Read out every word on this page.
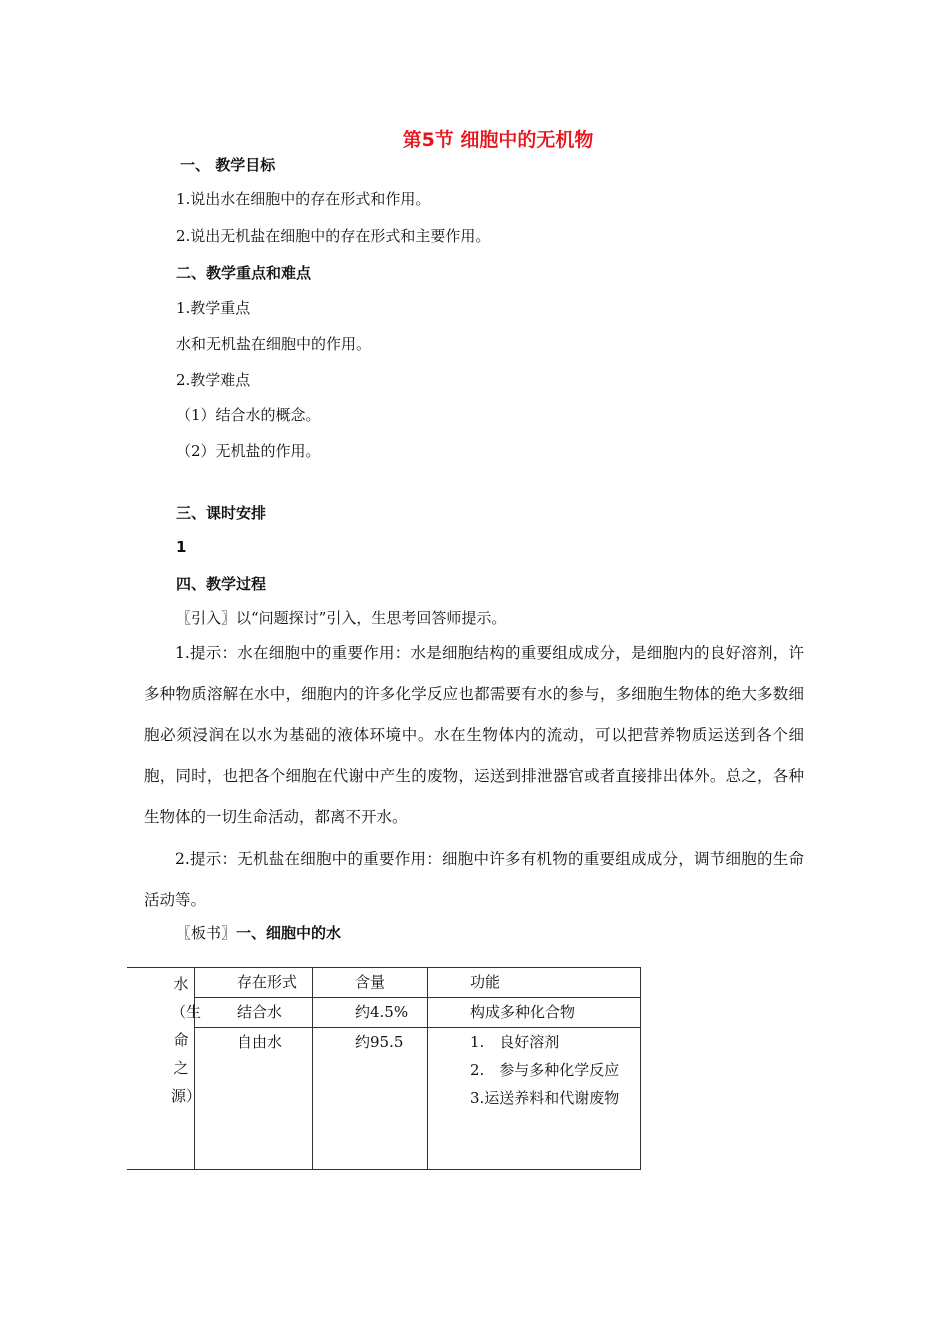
第5节 细胞中的无机物
一、 教学目标
1.说出水在细胞中的存在形式和作用。
2.说出无机盐在细胞中的存在形式和主要作用。
二、教学重点和难点
1.教学重点
水和无机盐在细胞中的作用。
2.教学难点
（1）结合水的概念。
（2）无机盐的作用。
三、课时安排
1
四、教学过程
〖引入〗以“问题探讨”引入，生思考回答师提示。
1.提示：水在细胞中的重要作用：水是细胞结构的重要组成成分，是细胞内的良好溶剂，许多种物质溶解在水中，细胞内的许多化学反应也都需要有水的参与，多细胞生物体的绝大多数细胞必须浸润在以水为基础的液体环境中。水在生物体内的流动，可以把营养物质运送到各个细胞，同时，也把各个细胞在代谢中产生的废物，运送到排泄器官或者直接排出体外。总之，各种生物体的一切生命活动，都离不开水。
2.提示：无机盐在细胞中的重要作用：细胞中许多有机物的重要组成成分，调节细胞的生命活动等。
〖板书〗一、细胞中的水
水（生命之源）	存在形式	含量	功能
	结合水	约4.5%	构成多种化合物
	自由水	约95.5	1.　良好溶剂
2.　参与多种化学反应
3.运送养料和代谢废物
